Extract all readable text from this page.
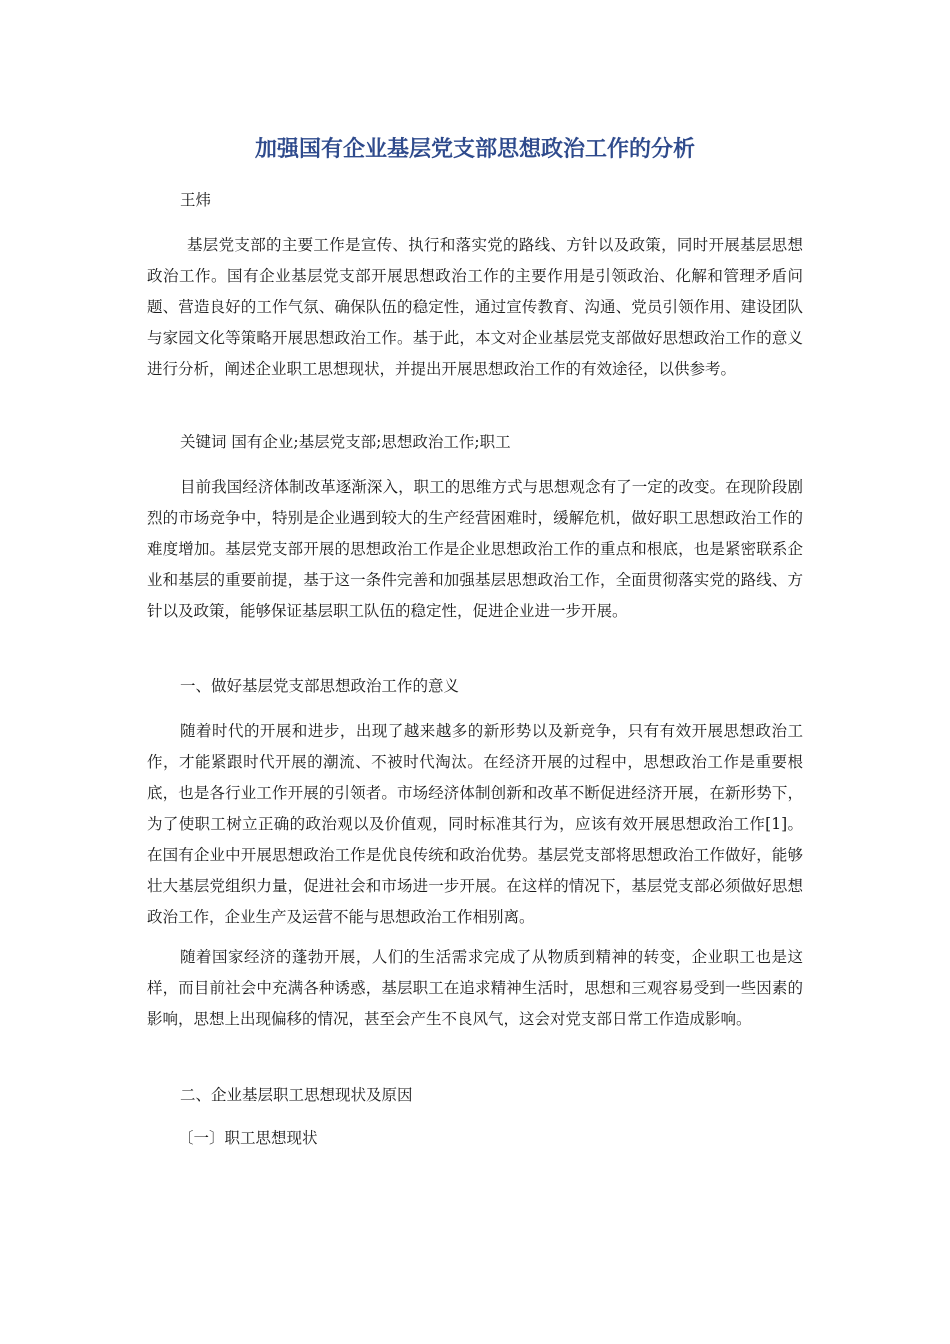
加强国有企业基层党支部思想政治工作的分析

王炜

基层党支部的主要工作是宣传、执行和落实党的路线、方针以及政策，同时开展基层思想政治工作。国有企业基层党支部开展思想政治工作的主要作用是引领政治、化解和管理矛盾问题、营造良好的工作气氛、确保队伍的稳定性，通过宣传教育、沟通、党员引领作用、建设团队与家园文化等策略开展思想政治工作。基于此，本文对企业基层党支部做好思想政治工作的意义进行分析，阐述企业职工思想现状，并提出开展思想政治工作的有效途径，以供参考。

关键词 国有企业;基层党支部;思想政治工作;职工

目前我国经济体制改革逐渐深入，职工的思维方式与思想观念有了一定的改变。在现阶段剧烈的市场竞争中，特别是企业遇到较大的生产经营困难时，缓解危机，做好职工思想政治工作的难度增加。基层党支部开展的思想政治工作是企业思想政治工作的重点和根底，也是紧密联系企业和基层的重要前提，基于这一条件完善和加强基层思想政治工作，全面贯彻落实党的路线、方针以及政策，能够保证基层职工队伍的稳定性，促进企业进一步开展。

一、做好基层党支部思想政治工作的意义

随着时代的开展和进步，出现了越来越多的新形势以及新竞争，只有有效开展思想政治工作，才能紧跟时代开展的潮流、不被时代淘汰。在经济开展的过程中，思想政治工作是重要根底，也是各行业工作开展的引领者。市场经济体制创新和改革不断促进经济开展，在新形势下，为了使职工树立正确的政治观以及价值观，同时标准其行为，应该有效开展思想政治工作[1]。在国有企业中开展思想政治工作是优良传统和政治优势。基层党支部将思想政治工作做好，能够壮大基层党组织力量，促进社会和市场进一步开展。在这样的情况下，基层党支部必须做好思想政治工作，企业生产及运营不能与思想政治工作相别离。

随着国家经济的蓬勃开展，人们的生活需求完成了从物质到精神的转变，企业职工也是这样，而目前社会中充满各种诱惑，基层职工在追求精神生活时，思想和三观容易受到一些因素的影响，思想上出现偏移的情况，甚至会产生不良风气，这会对党支部日常工作造成影响。

二、企业基层职工思想现状及原因

〔一〕职工思想现状
